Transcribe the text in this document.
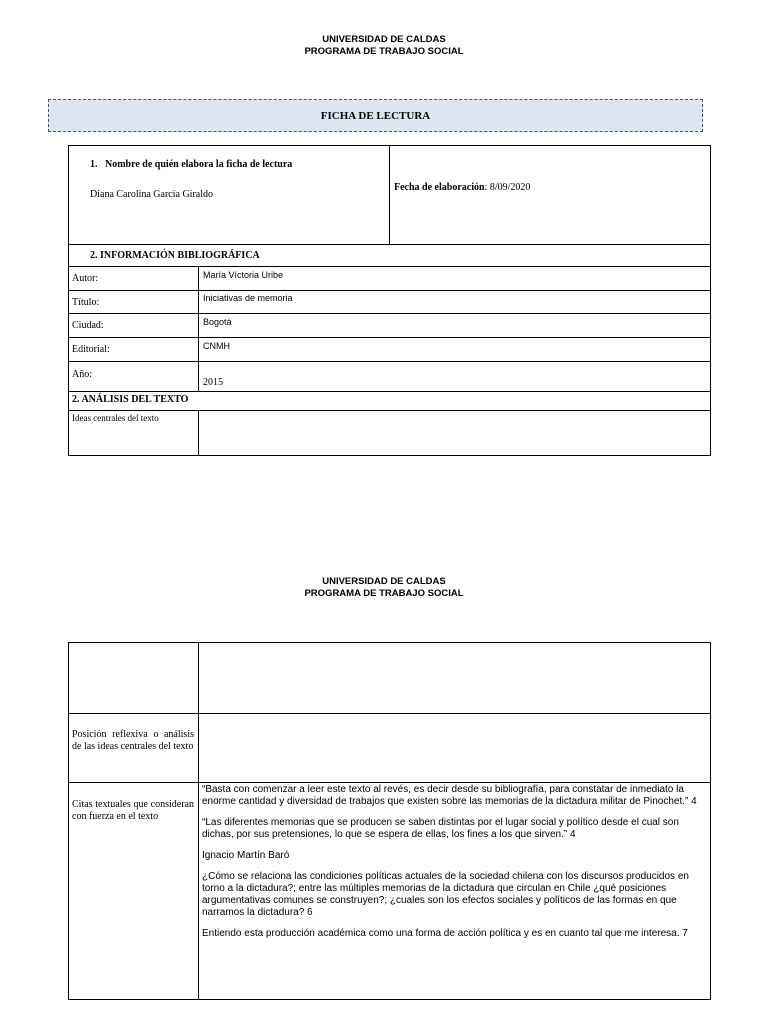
UNIVERSIDAD DE CALDAS
PROGRAMA DE TRABAJO SOCIAL
FICHA DE LECTURA
1. Nombre de quién elabora la ficha de lectura
Diana Carolina García Giraldo
Fecha de elaboración: 8/09/2020
2. INFORMACIÓN BIBLIOGRÁFICA
Autor:	María Víctoria Uribe
Título:	Iniciativas de memoria
Ciudad:	Bogotá
Editorial:	CNMH
Año:
2015
2. ANÁLISIS DEL TEXTO
Ideas centrales del texto
UNIVERSIDAD DE CALDAS
PROGRAMA DE TRABAJO SOCIAL
Posición reflexiva o análisis de las ideas centrales del texto
Citas textuales que consideran con fuerza en el texto

“Basta con comenzar a leer este texto al revés, es decir desde su bibliografía, para constatar de inmediato la enorme cantidad y diversidad de trabajos que existen sobre las memorias de la dictadura militar de Pinochet.” 4

“Las diferentes memorias que se producen se saben distintas por el lugar social y político desde el cual son dichas, por sus pretensiones, lo que se espera de ellas, los fines a los que sirven.” 4

Ignacio Martín Baró

¿Cómo se relaciona las condiciones políticas actuales de la sociedad chilena con los discursos producidos en torno a la dictadura?; entre las múltiples memorias de la dictadura que circulan en Chile ¿qué posiciones argumentativas comunes se construyen?; ¿cuales son los efectos sociales y políticos de las formas en que narramos la dictadura? 6

Entiendo esta producción académica como una forma de acción política y es en cuanto tal que me interesa. 7
